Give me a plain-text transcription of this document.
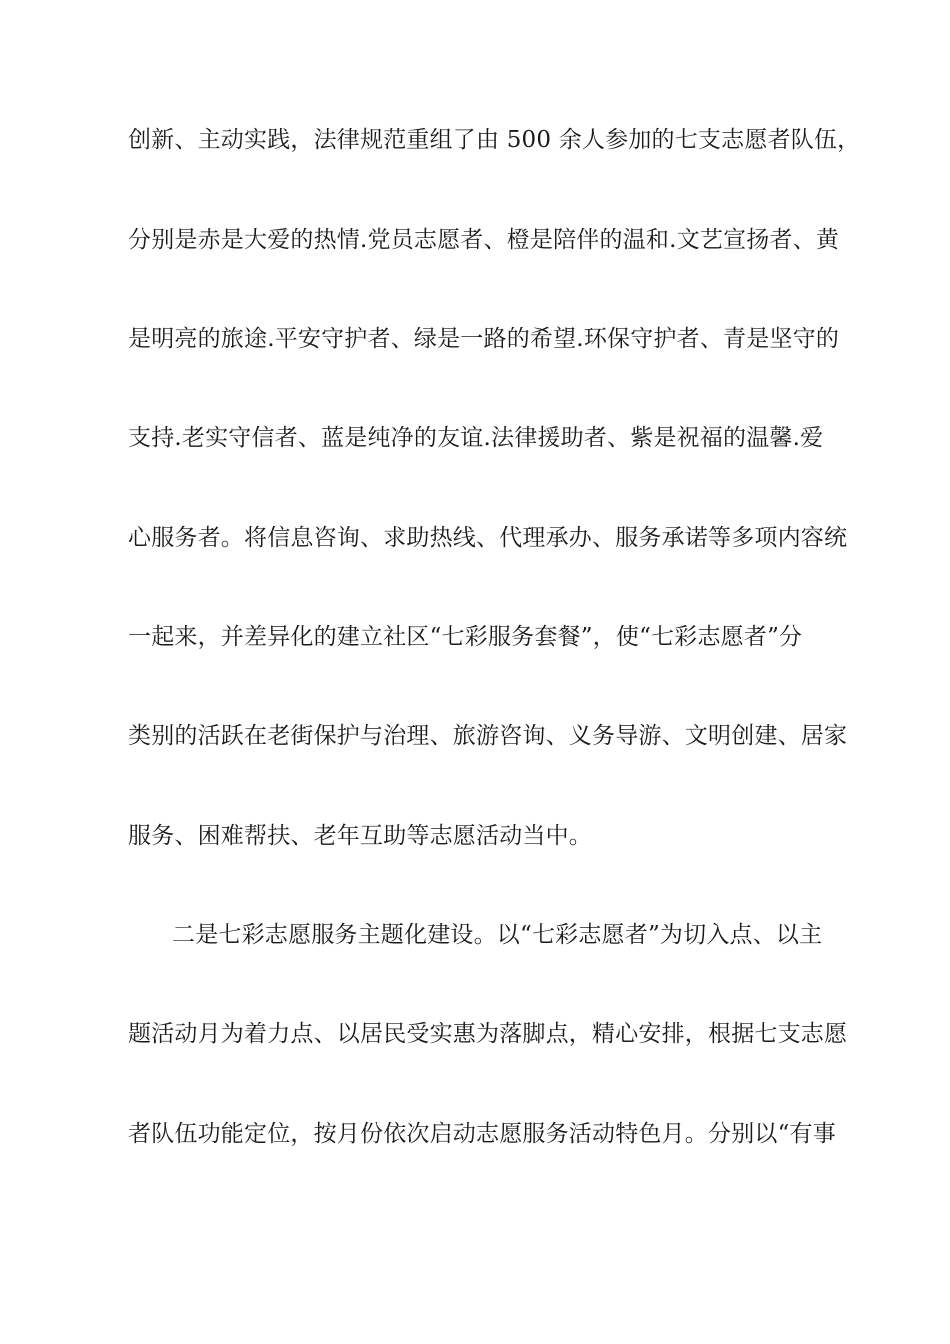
创新、主动实践，法律规范重组了由 500 余人参加的七支志愿者队伍，
分别是赤是大爱的热情.党员志愿者、橙是陪伴的温和.文艺宣扬者、黄
是明亮的旅途.平安守护者、绿是一路的希望.环保守护者、青是坚守的
支持.老实守信者、蓝是纯净的友谊.法律援助者、紫是祝福的温馨.爱
心服务者。将信息咨询、求助热线、代理承办、服务承诺等多项内容统
一起来，并差异化的建立社区“七彩服务套餐”，使“七彩志愿者”分
类别的活跃在老街保护与治理、旅游咨询、义务导游、文明创建、居家
服务、困难帮扶、老年互助等志愿活动当中。
二是七彩志愿服务主题化建设。以“七彩志愿者”为切入点、以主
题活动月为着力点、以居民受实惠为落脚点，精心安排，根据七支志愿
者队伍功能定位，按月份依次启动志愿服务活动特色月。分别以“有事
